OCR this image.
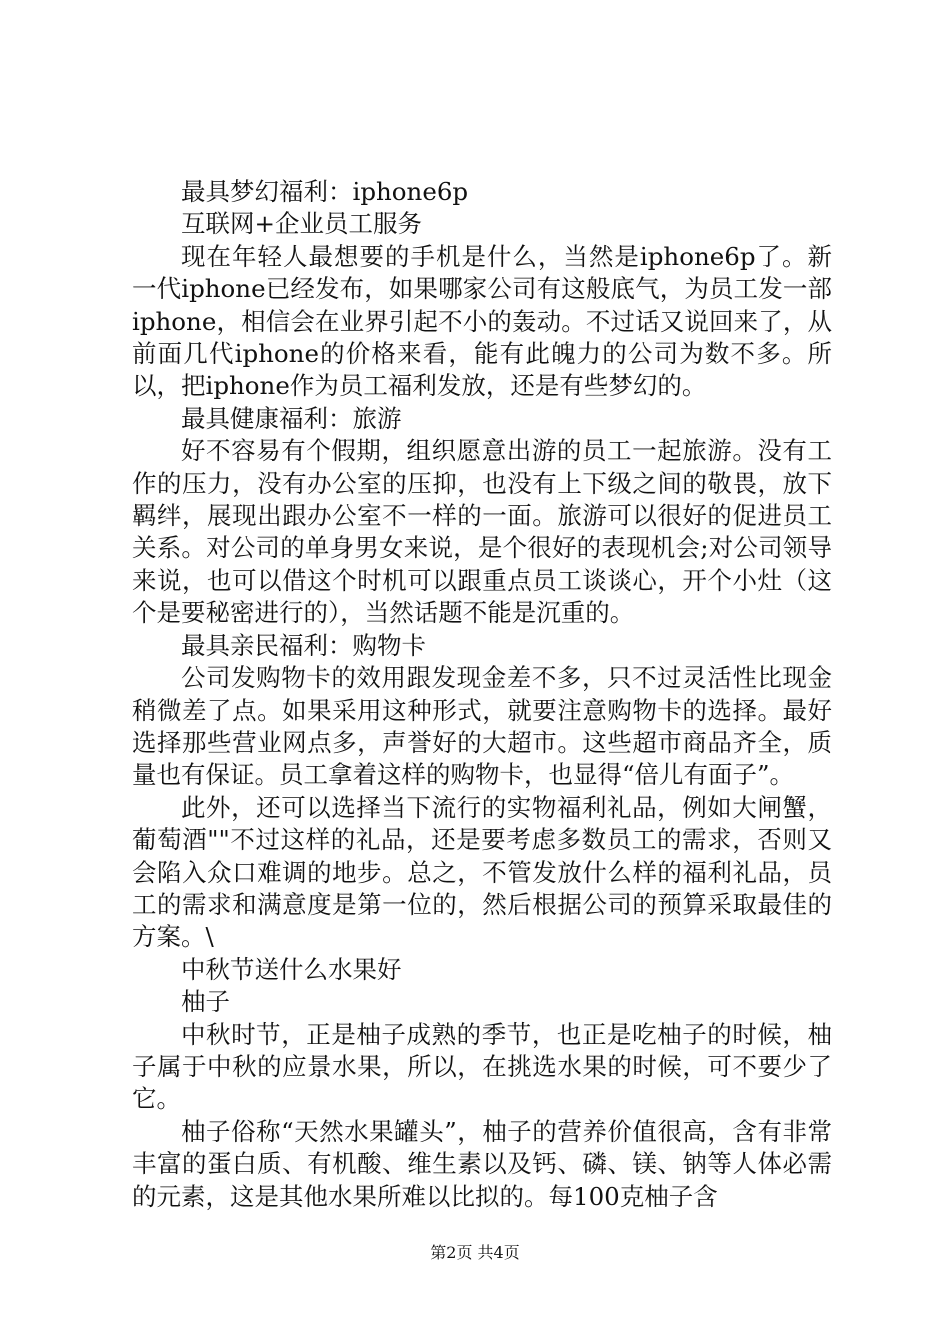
最具梦幻福利：iphone6p

互联网+企业员工服务

现在年轻人最想要的手机是什么，当然是iphone6p了。新一代iphone已经发布，如果哪家公司有这般底气，为员工发一部iphone，相信会在业界引起不小的轰动。不过话又说回来了，从前面几代iphone的价格来看，能有此魄力的公司为数不多。所以，把iphone作为员工福利发放，还是有些梦幻的。

最具健康福利：旅游

好不容易有个假期，组织愿意出游的员工一起旅游。没有工作的压力，没有办公室的压抑，也没有上下级之间的敬畏，放下羁绊，展现出跟办公室不一样的一面。旅游可以很好的促进员工关系。对公司的单身男女来说，是个很好的表现机会;对公司领导来说，也可以借这个时机可以跟重点员工谈谈心，开个小灶（这个是要秘密进行的），当然话题不能是沉重的。

最具亲民福利：购物卡

公司发购物卡的效用跟发现金差不多，只不过灵活性比现金稍微差了点。如果采用这种形式，就要注意购物卡的选择。最好选择那些营业网点多，声誉好的大超市。这些超市商品齐全，质量也有保证。员工拿着这样的购物卡，也显得“倍儿有面子”。

此外，还可以选择当下流行的实物福利礼品，例如大闸蟹，葡萄酒""不过这样的礼品，还是要考虑多数员工的需求，否则又会陷入众口难调的地步。总之，不管发放什么样的福利礼品，员工的需求和满意度是第一位的，然后根据公司的预算采取最佳的方案。\

中秋节送什么水果好

柚子

中秋时节，正是柚子成熟的季节，也正是吃柚子的时候，柚子属于中秋的应景水果，所以，在挑选水果的时候，可不要少了它。

柚子俗称“天然水果罐头”，柚子的营养价值很高，含有非常丰富的蛋白质、有机酸、维生素以及钙、磷、镁、钠等人体必需的元素，这是其他水果所难以比拟的。每100克柚子含

第2页 共4页
